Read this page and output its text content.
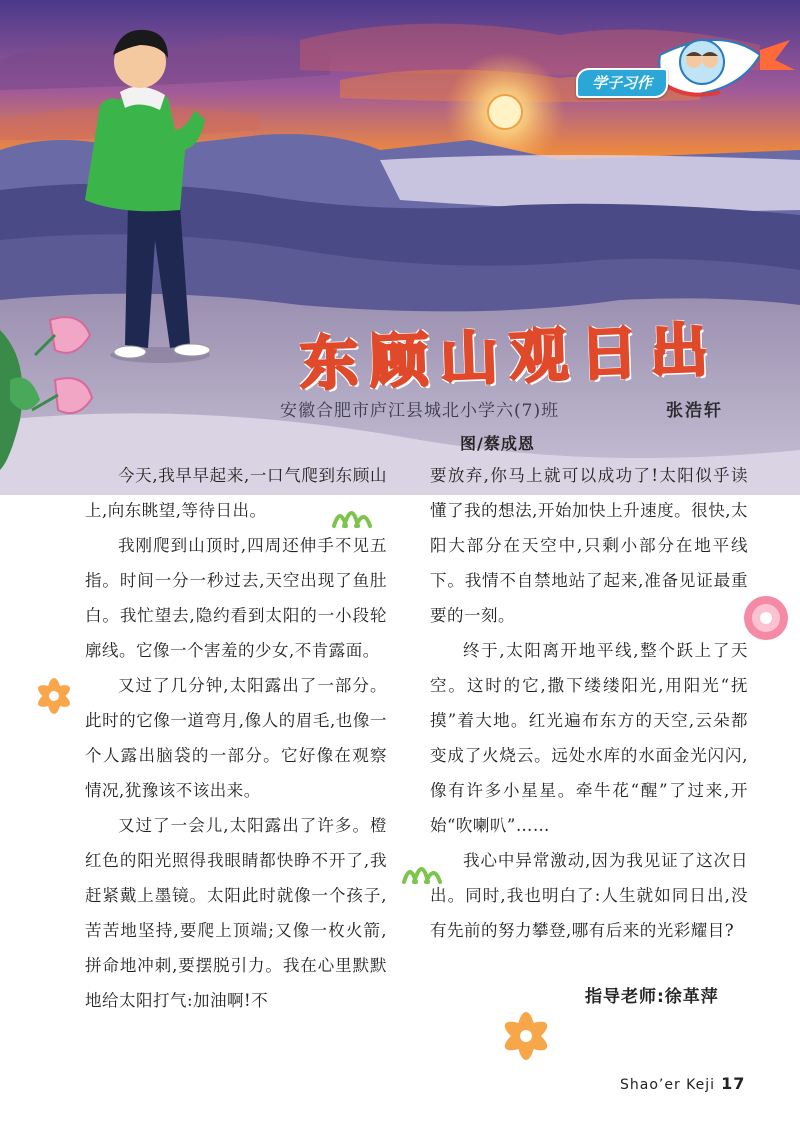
学子习作
东顾山观日出
安徽合肥市庐江县城北小学六(7)班	张浩轩
图/蔡成恩

今天,我早早起来,一口气爬到东顾山上,向东眺望,等待日出。

我刚爬到山顶时,四周还伸手不见五指。时间一分一秒过去,天空出现了鱼肚白。我忙望去,隐约看到太阳的一小段轮廓线。它像一个害羞的少女,不肯露面。

又过了几分钟,太阳露出了一部分。此时的它像一道弯月,像人的眉毛,也像一个人露出脑袋的一部分。它好像在观察情况,犹豫该不该出来。

又过了一会儿,太阳露出了许多。橙红色的阳光照得我眼睛都快睁不开了,我赶紧戴上墨镜。太阳此时就像一个孩子,苦苦地坚持,要爬上顶端;又像一枚火箭,拼命地冲刺,要摆脱引力。我在心里默默地给太阳打气:加油啊!不

要放弃,你马上就可以成功了!太阳似乎读懂了我的想法,开始加快上升速度。很快,太阳大部分在天空中,只剩小部分在地平线下。我情不自禁地站了起来,准备见证最重要的一刻。

终于,太阳离开地平线,整个跃上了天空。这时的它,撒下缕缕阳光,用阳光“抚摸”着大地。红光遍布东方的天空,云朵都变成了火烧云。远处水库的水面金光闪闪,像有许多小星星。牵牛花“醒”了过来,开始“吹喇叭”……

我心中异常激动,因为我见证了这次日出。同时,我也明白了:人生就如同日出,没有先前的努力攀登,哪有后来的光彩耀目?

指导老师:徐革萍
Shao’er Keji 17
